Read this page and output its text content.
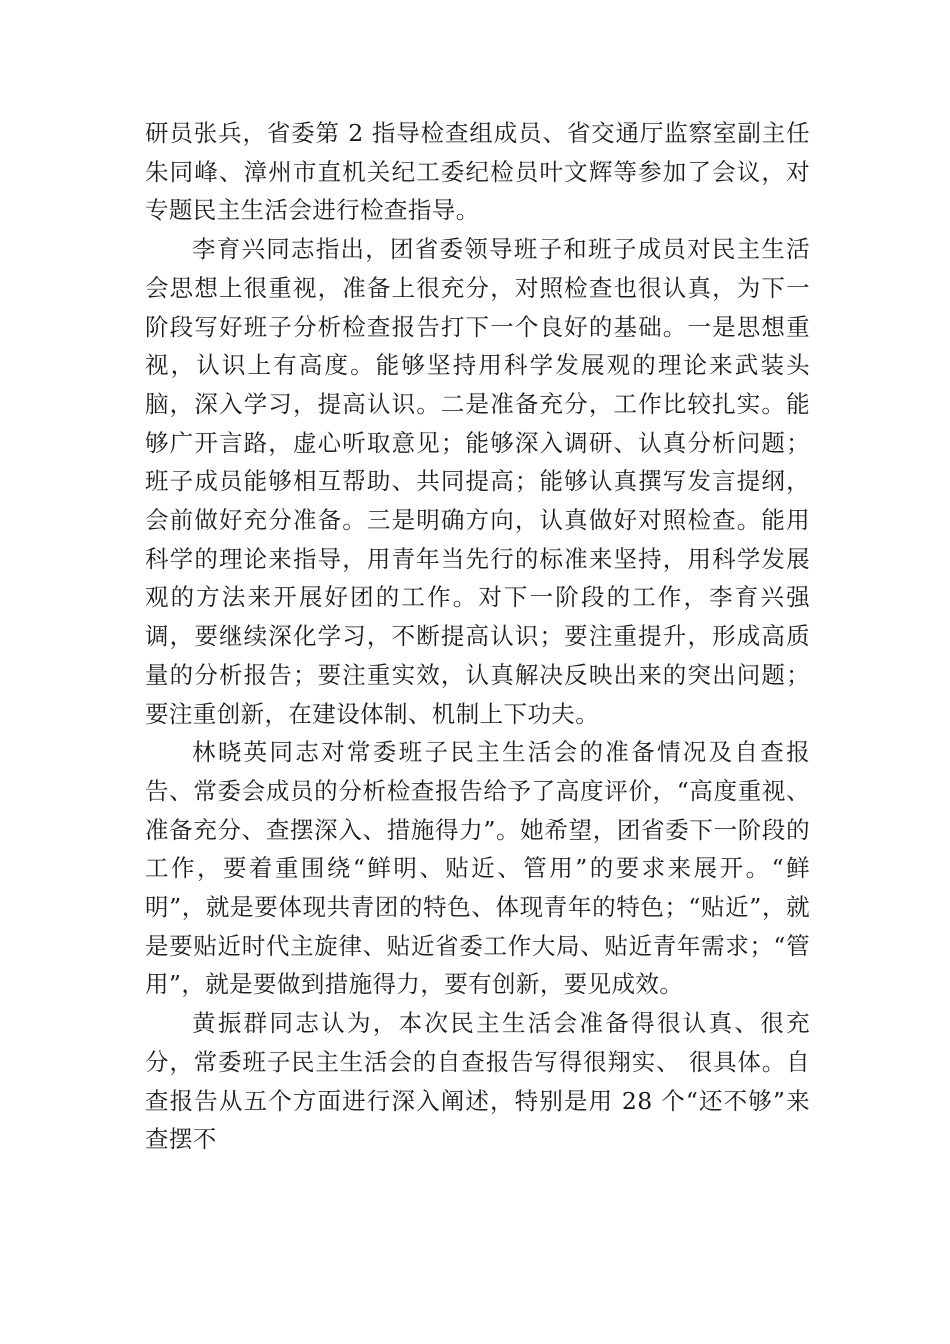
研员张兵，省委第 2 指导检查组成员、省交通厅监察室副主任朱同峰、漳州市直机关纪工委纪检员叶文辉等参加了会议，对专题民主生活会进行检查指导。

李育兴同志指出，团省委领导班子和班子成员对民主生活会思想上很重视，准备上很充分，对照检查也很认真，为下一阶段写好班子分析检查报告打下一个良好的基础。一是思想重视，认识上有高度。能够坚持用科学发展观的理论来武装头脑，深入学习，提高认识。二是准备充分，工作比较扎实。能够广开言路，虚心听取意见；能够深入调研、认真分析问题；班子成员能够相互帮助、共同提高；能够认真撰写发言提纲，会前做好充分准备。三是明确方向，认真做好对照检查。能用科学的理论来指导，用青年当先行的标准来坚持，用科学发展观的方法来开展好团的工作。对下一阶段的工作，李育兴强调，要继续深化学习，不断提高认识；要注重提升，形成高质量的分析报告；要注重实效，认真解决反映出来的突出问题；要注重创新，在建设体制、机制上下功夫。

林晓英同志对常委班子民主生活会的准备情况及自查报告、常委会成员的分析检查报告给予了高度评价，“高度重视、准备充分、查摆深入、措施得力”。她希望，团省委下一阶段的工作，要着重围绕“鲜明、贴近、管用”的要求来展开。“鲜明”，就是要体现共青团的特色、体现青年的特色；“贴近”，就是要贴近时代主旋律、贴近省委工作大局、贴近青年需求；“管用”，就是要做到措施得力，要有创新，要见成效。

黄振群同志认为，本次民主生活会准备得很认真、很充分，常委班子民主生活会的自查报告写得很翔实、 很具体。自查报告从五个方面进行深入阐述，特别是用 28 个“还不够”来查摆不
